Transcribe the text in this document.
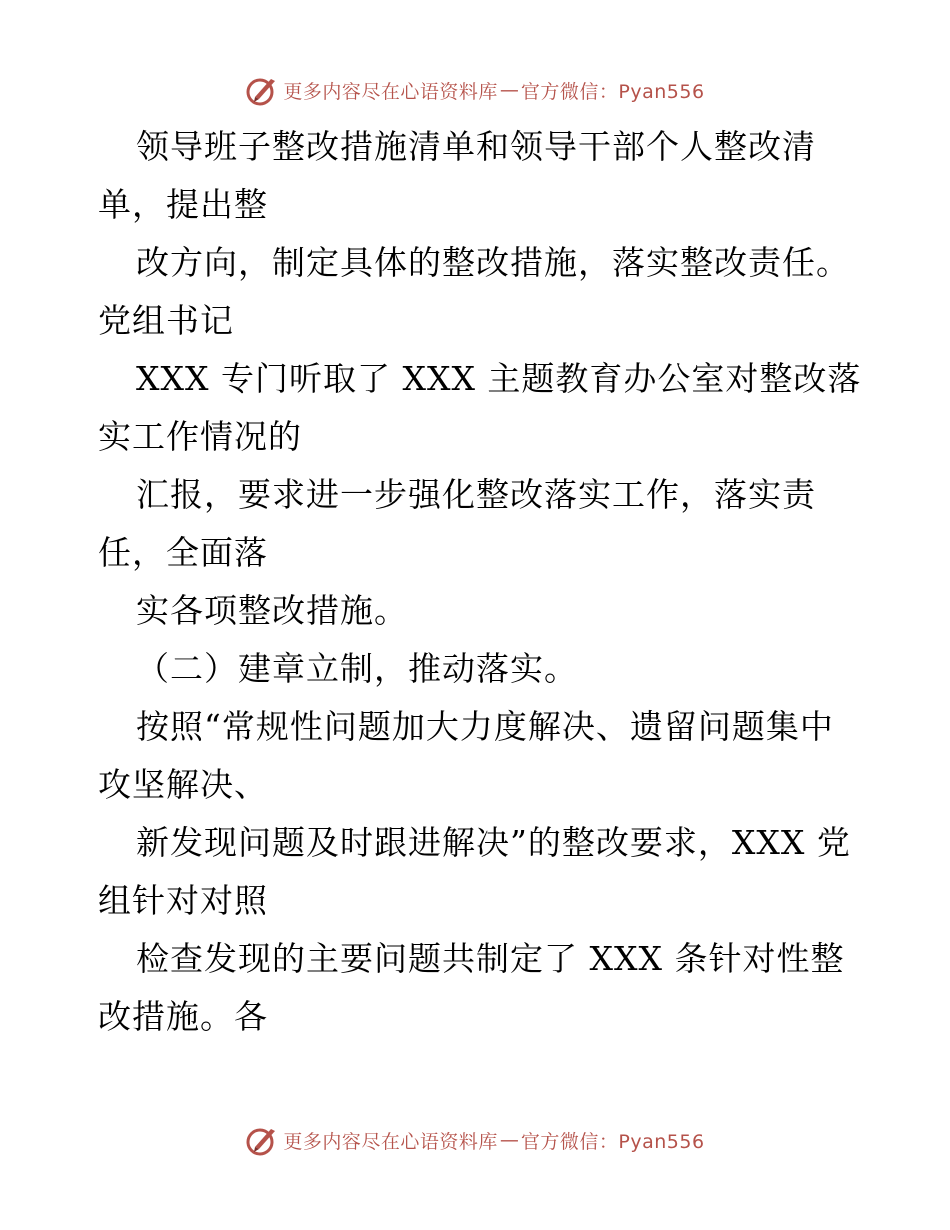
更多内容尽在心语资料库 — 官方微信：Pyan556
领导班子整改措施清单和领导干部个人整改清
单，提出整
改方向，制定具体的整改措施，落实整改责任。
党组书记
XXX 专门听取了 XXX 主题教育办公室对整改落
实工作情况的
汇报，要求进一步强化整改落实工作，落实责
任，全面落
实各项整改措施。
（二）建章立制，推动落实。
按照“常规性问题加大力度解决、遗留问题集中
攻坚解决、
新发现问题及时跟进解决”的整改要求，XXX 党
组针对对照
检查发现的主要问题共制定了 XXX 条针对性整
改措施。各
更多内容尽在心语资料库 — 官方微信：Pyan556
